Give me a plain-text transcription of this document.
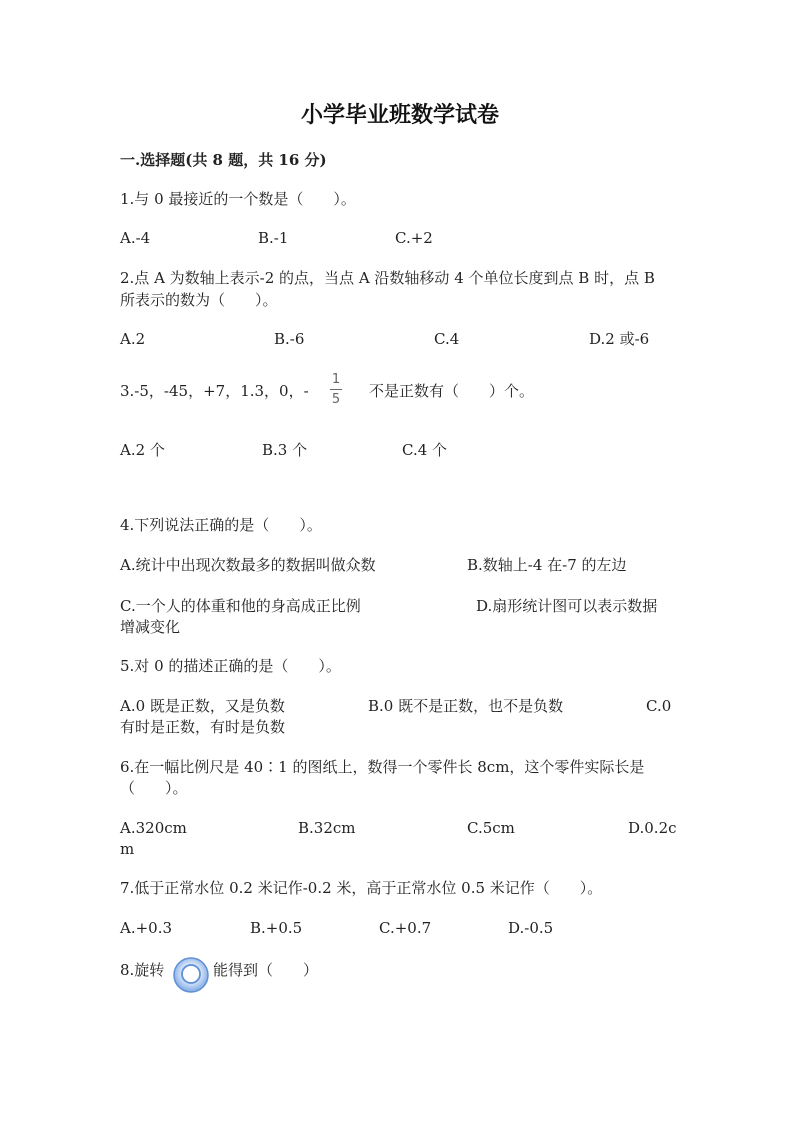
小学毕业班数学试卷
一.选择题(共 8 题，共 16 分)
1.与 0 最接近的一个数是（　　）。
A.-4	B.-1	C.+2
2.点 A 为数轴上表示-2 的点，当点 A 沿数轴移动 4 个单位长度到点 B 时，点 B
所表示的数为（　　）。
A.2	B.-6	C.4	D.2 或-6
3.-5，-45，+7，1.3，0，-
1
5	不是正数有（　　）个。
A.2 个	B.3 个	C.4 个
4.下列说法正确的是（　　）。
A.统计中出现次数最多的数据叫做众数	B.数轴上-4 在-7 的左边
C.一个人的体重和他的身高成正比例	D.扇形统计图可以表示数据
增减变化
5.对 0 的描述正确的是（　　）。
A.0 既是正数，又是负数	B.0 既不是正数，也不是负数	C.0
有时是正数，有时是负数
6.在一幅比例尺是 40∶1 的图纸上，数得一个零件长 8cm，这个零件实际长是
（　　）。
A.320cm	B.32cm	C.5cm	D.0.2c
m
7.低于正常水位 0.2 米记作-0.2 米，高于正常水位 0.5 米记作（　　）。
A.+0.3	B.+0.5	C.+0.7	D.-0.5
8.旋转	能得到（　　）
